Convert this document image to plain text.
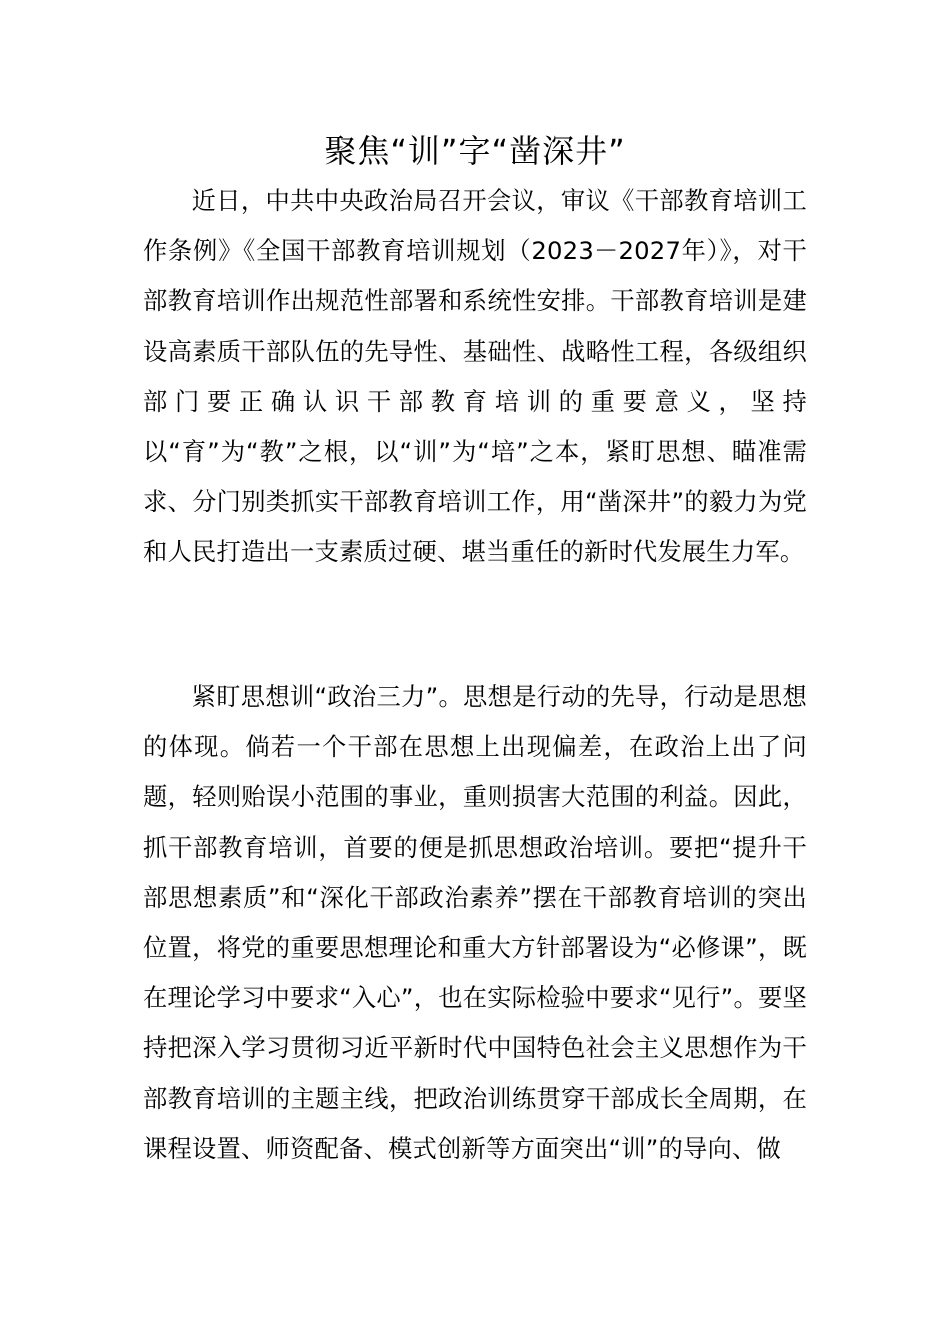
聚焦“训”字“凿深井”

近日，中共中央政治局召开会议，审议《干部教育培训工作条例》《全国干部教育培训规划（2023－2027年）》，对干部教育培训作出规范性部署和系统性安排。干部教育培训是建设高素质干部队伍的先导性、基础性、战略性工程，各级组织部门要正确认识干部教育培训的重要意义，坚持以“育”为“教”之根，以“训”为“培”之本，紧盯思想、瞄准需求、分门别类抓实干部教育培训工作，用“凿深井”的毅力为党和人民打造出一支素质过硬、堪当重任的新时代发展生力军。

紧盯思想训“政治三力”。思想是行动的先导，行动是思想的体现。倘若一个干部在思想上出现偏差，在政治上出了问题，轻则贻误小范围的事业，重则损害大范围的利益。因此，抓干部教育培训，首要的便是抓思想政治培训。要把“提升干部思想素质”和“深化干部政治素养”摆在干部教育培训的突出位置，将党的重要思想理论和重大方针部署设为“必修课”，既在理论学习中要求“入心”，也在实际检验中要求“见行”。要坚持把深入学习贯彻习近平新时代中国特色社会主义思想作为干部教育培训的主题主线，把政治训练贯穿干部成长全周期，在课程设置、师资配备、模式创新等方面突出“训”的导向、做
